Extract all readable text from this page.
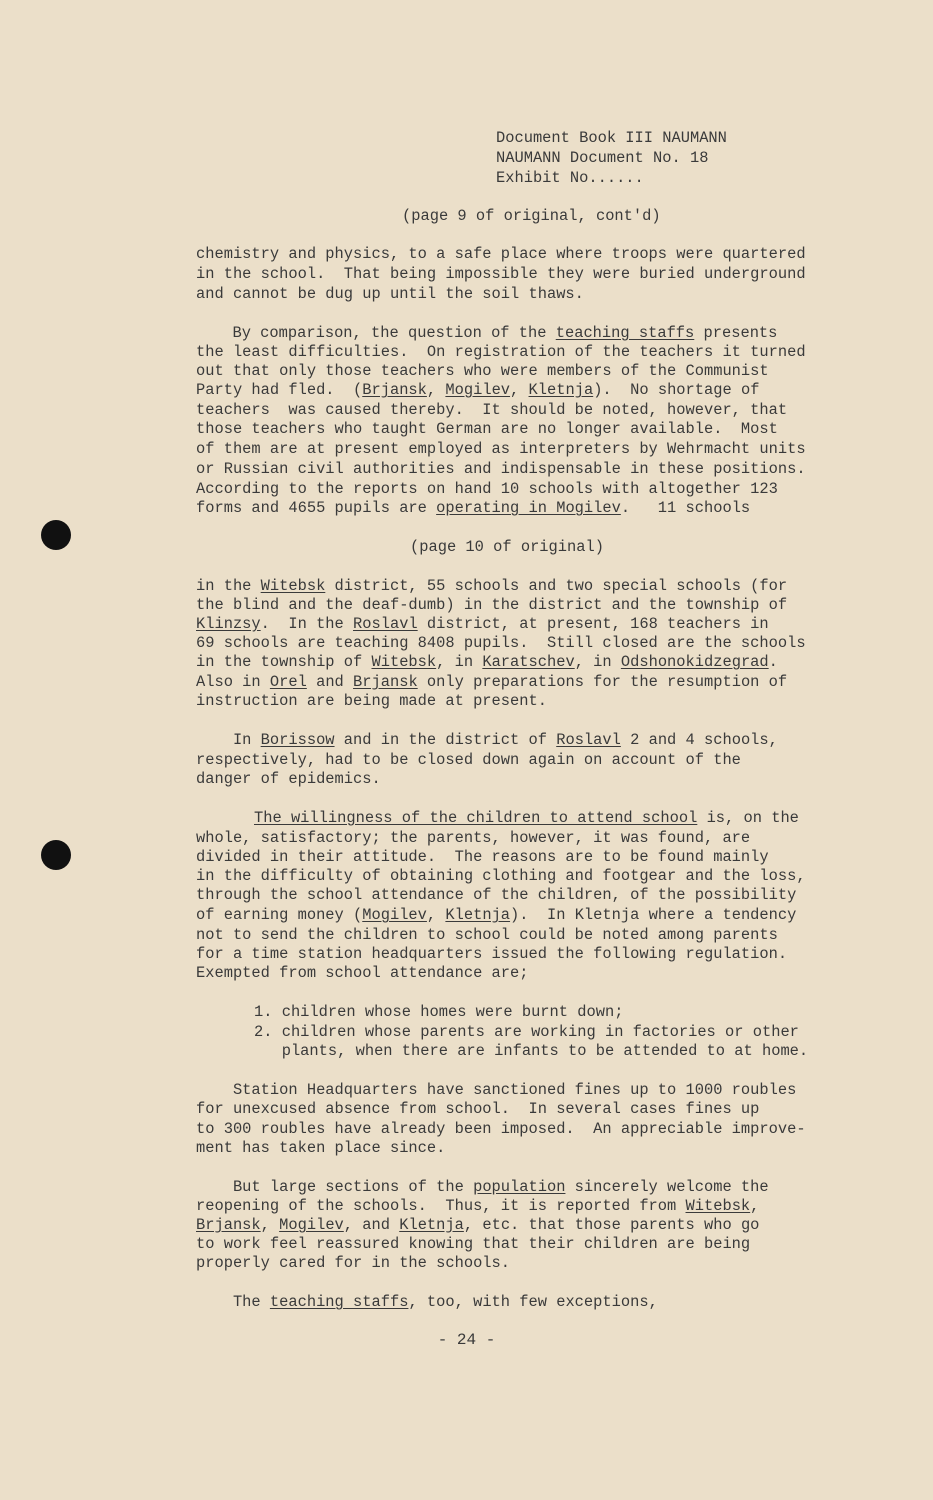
Document Book III NAUMANN
NAUMANN Document No. 18
Exhibit No......
(page 9 of original, cont'd)
chemistry and physics, to a safe place where troops were quartered
in the school.  That being impossible they were buried underground
and cannot be dug up until the soil thaws.
By comparison, the question of the teaching staffs presents
the least difficulties.  On registration of the teachers it turned
out that only those teachers who were members of the Communist
Party had fled.  (Brjansk, Mogilev, Kletnja).  No shortage of
teachers  was caused thereby.  It should be noted, however, that
those teachers who taught German are no longer available.  Most
of them are at present employed as interpreters by Wehrmacht units
or Russian civil authorities and indispensable in these positions.
According to the reports on hand 10 schools with altogether 123
forms and 4655 pupils are operating in Mogilev.   11 schools
(page 10 of original)
in the Witebsk district, 55 schools and two special schools (for
the blind and the deaf-dumb) in the district and the township of
Klinzsy.  In the Roslavl district, at present, 168 teachers in
69 schools are teaching 8408 pupils.  Still closed are the schools
in the township of Witebsk, in Karatschev, in Odshonokidzegrad.
Also in Orel and Brjansk only preparations for the resumption of
instruction are being made at present.
In Borissow and in the district of Roslavl 2 and 4 schools,
respectively, had to be closed down again on account of the
danger of epidemics.
The willingness of the children to attend school is, on the
whole, satisfactory; the parents, however, it was found, are
divided in their attitude.  The reasons are to be found mainly
in the difficulty of obtaining clothing and footgear and the loss,
through the school attendance of the children, of the possibility
of earning money (Mogilev, Kletnja).  In Kletnja where a tendency
not to send the children to school could be noted among parents
for a time station headquarters issued the following regulation.
Exempted from school attendance are;
1. children whose homes were burnt down;
2. children whose parents are working in factories or other
plants, when there are infants to be attended to at home.
Station Headquarters have sanctioned fines up to 1000 roubles
for unexcused absence from school.  In several cases fines up
to 300 roubles have already been imposed.  An appreciable improve-
ment has taken place since.
But large sections of the population sincerely welcome the
reopening of the schools.  Thus, it is reported from Witebsk,
Brjansk, Mogilev, and Kletnja, etc. that those parents who go
to work feel reassured knowing that their children are being
properly cared for in the schools.
The teaching staffs, too, with few exceptions,
- 24 -
